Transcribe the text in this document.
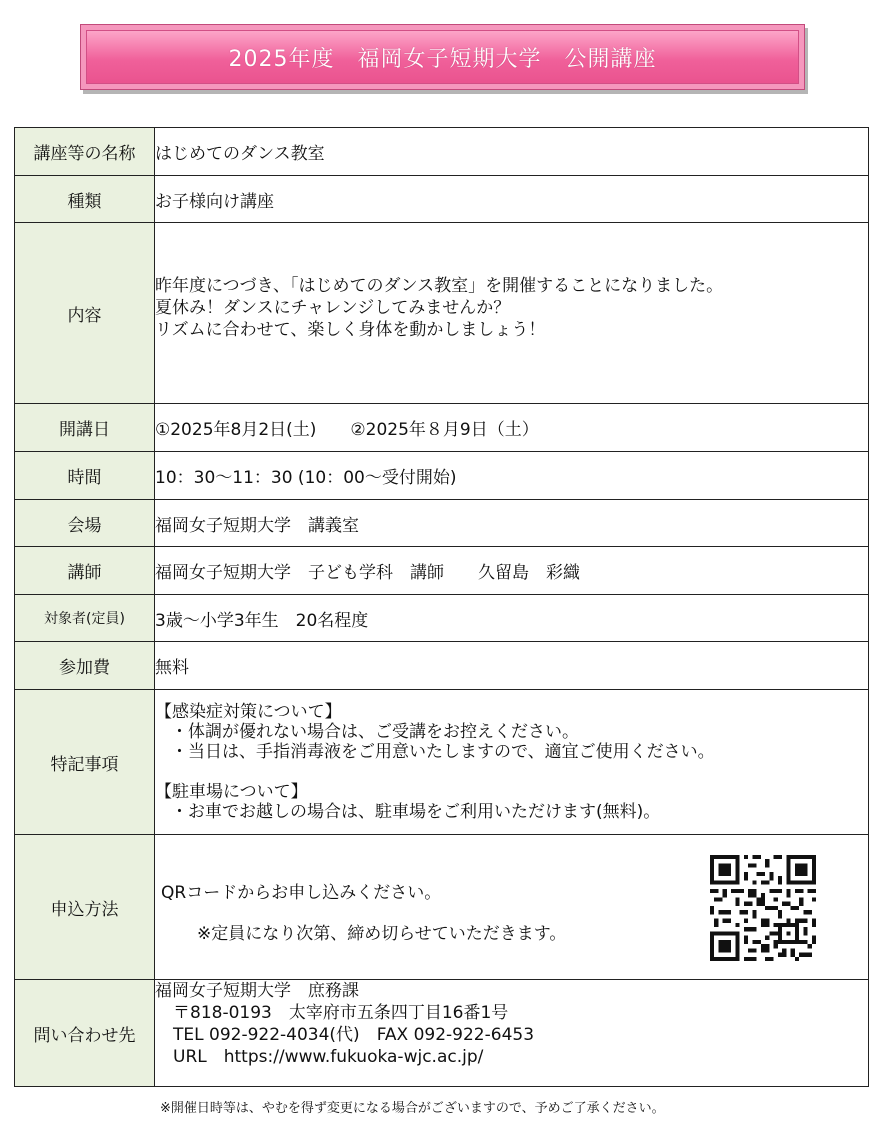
2025年度　福岡女子短期大学　公開講座
講座等の名称	はじめてのダンス教室
種類	お子様向け講座
内容	昨年度につづき、「はじめてのダンス教室」を開催することになりました。
夏休み！ダンスにチャレンジしてみませんか？
リズムに合わせて、楽しく身体を動かしましょう！

開講日	①2025年8月2日(土)　　②2025年８月9日（土）
時間	10：30～11：30 (10：00～受付開始)
会場	福岡女子短期大学　講義室
講師	福岡女子短期大学　子ども学科　講師　　久留島　彩織
対象者(定員)	3歳～小学3年生　20名程度
参加費	無料
特記事項	【感染症対策について】
・体調が優れない場合は、ご受講をお控えください。
・当日は、手指消毒液をご用意いたしますので、適宜ご使用ください。
【駐車場について】
・お車でお越しの場合は、駐車場をご利用いただけます(無料)。

申込方法	QRコードからお申し込みください。
※定員になり次第、締め切らせていただきます。

問い合わせ先	福岡女子短期大学　庶務課
〒818-0193　太宰府市五条四丁目16番1号
TEL 092-922-4034(代)　FAX 092-922-6453
URL　https://www.fukuoka-wjc.ac.jp/
※開催日時等は、やむを得ず変更になる場合がございますので、予めご了承ください。
